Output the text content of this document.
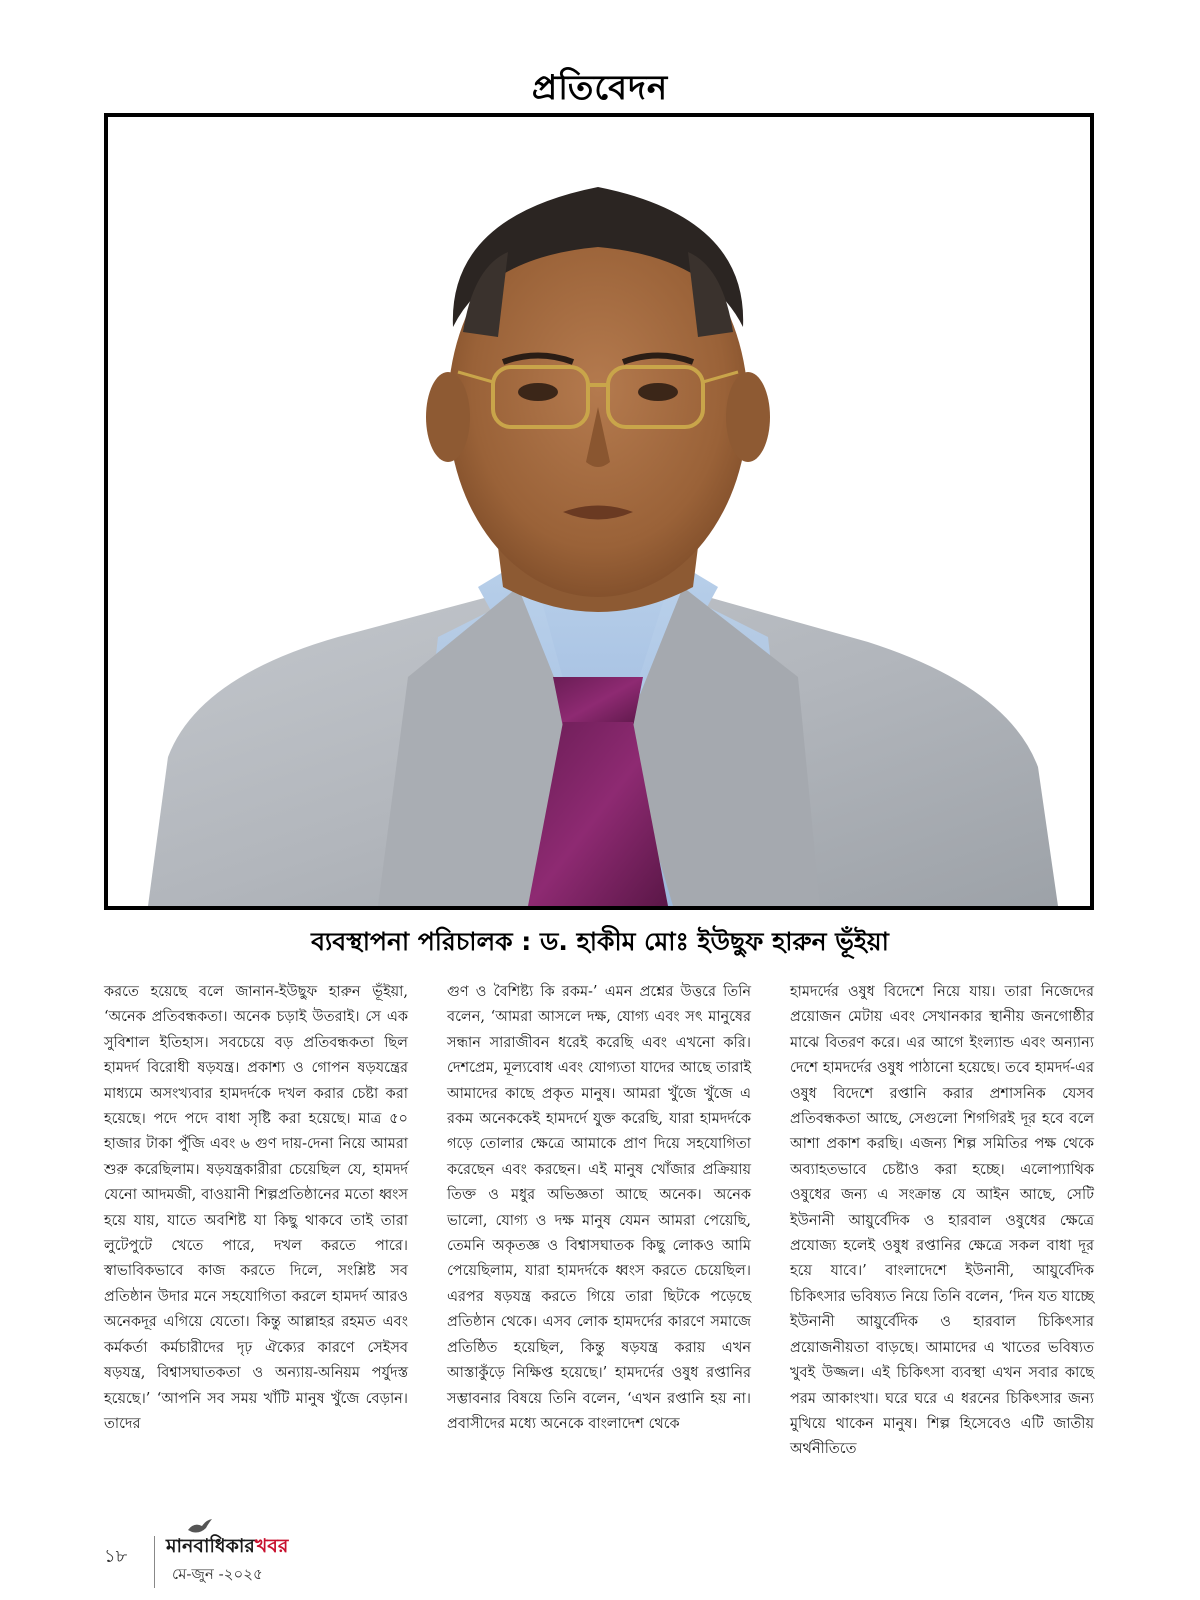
প্রতিবেদন
ব্যবস্থাপনা পরিচালক : ড. হাকীম মোঃ ইউছুফ হারুন ভূঁইয়া
করতে হয়েছে বলে জানান-ইউছুফ হারুন ভূঁইয়া, ‘অনেক প্রতিবন্ধকতা। অনেক চড়াই উতরাই। সে এক সুবিশাল ইতিহাস। সবচেয়ে বড় প্রতিবন্ধকতা ছিল হামদর্দ বিরোধী ষড়যন্ত্র। প্রকাশ্য ও গোপন ষড়যন্ত্রের মাধ্যমে অসংখ্যবার হামদর্দকে দখল করার চেষ্টা করা হয়েছে। পদে পদে বাধা সৃষ্টি করা হয়েছে। মাত্র ৫০ হাজার টাকা পুঁজি এবং ৬ গুণ দায়-দেনা নিয়ে আমরা শুরু করেছিলাম। ষড়যন্ত্রকারীরা চেয়েছিল যে, হামদর্দ যেনো আদমজী, বাওয়ানী শিল্পপ্রতিষ্ঠানের মতো ধ্বংস হয়ে যায়, যাতে অবশিষ্ট যা কিছু থাকবে তাই তারা লুটেপুটে খেতে পারে, দখল করতে পারে। স্বাভাবিকভাবে কাজ করতে দিলে, সংশ্লিষ্ট সব প্রতিষ্ঠান উদার মনে সহযোগিতা করলে হামদর্দ আরও অনেকদূর এগিয়ে যেতো। কিন্তু আল্লাহর রহমত এবং কর্মকর্তা কর্মচারীদের দৃঢ় ঐক্যের কারণে সেইসব ষড়যন্ত্র, বিশ্বাসঘাতকতা ও অন্যায়-অনিয়ম পর্যুদস্ত হয়েছে।’ ‘আপনি সব সময় খাঁটি মানুষ খুঁজে বেড়ান। তাদের
গুণ ও বৈশিষ্ট্য কি রকম-’ এমন প্রশ্নের উত্তরে তিনি বলেন, ‘আমরা আসলে দক্ষ, যোগ্য এবং সৎ মানুষের সন্ধান সারাজীবন ধরেই করেছি এবং এখনো করি। দেশপ্রেম, মূল্যবোধ এবং যোগ্যতা যাদের আছে তারাই আমাদের কাছে প্রকৃত মানুষ। আমরা খুঁজে খুঁজে এ রকম অনেককেই হামদর্দে যুক্ত করেছি, যারা হামদর্দকে গড়ে তোলার ক্ষেত্রে আমাকে প্রাণ দিয়ে সহযোগিতা করেছেন এবং করছেন। এই মানুষ খোঁজার প্রক্রিয়ায় তিক্ত ও মধুর অভিজ্ঞতা আছে অনেক। অনেক ভালো, যোগ্য ও দক্ষ মানুষ যেমন আমরা পেয়েছি, তেমনি অকৃতজ্ঞ ও বিশ্বাসঘাতক কিছু লোকও আমি পেয়েছিলাম, যারা হামদর্দকে ধ্বংস করতে চেয়েছিল। এরপর ষড়যন্ত্র করতে গিয়ে তারা ছিটকে পড়েছে প্রতিষ্ঠান থেকে। এসব লোক হামদর্দের কারণে সমাজে প্রতিষ্ঠিত হয়েছিল, কিন্তু ষড়যন্ত্র করায় এখন আস্তাকুঁড়ে নিক্ষিপ্ত হয়েছে।’ হামদর্দের ওষুধ রপ্তানির সম্ভাবনার বিষয়ে তিনি বলেন, ‘এখন রপ্তানি হয় না। প্রবাসীদের মধ্যে অনেকে বাংলাদেশ থেকে
হামদর্দের ওষুধ বিদেশে নিয়ে যায়। তারা নিজেদের প্রয়োজন মেটায় এবং সেখানকার স্থানীয় জনগোষ্ঠীর মাঝে বিতরণ করে। এর আগে ইংল্যান্ড এবং অন্যান্য দেশে হামদর্দের ওষুধ পাঠানো হয়েছে। তবে হামদর্দ-এর ওষুধ বিদেশে রপ্তানি করার প্রশাসনিক যেসব প্রতিবন্ধকতা আছে, সেগুলো শিগগিরই দূর হবে বলে আশা প্রকাশ করছি। এজন্য শিল্প সমিতির পক্ষ থেকে অব্যাহতভাবে চেষ্টাও করা হচ্ছে। এলোপ্যাথিক ওষুধের জন্য এ সংক্রান্ত যে আইন আছে, সেটি ইউনানী আয়ুর্বেদিক ও হারবাল ওষুধের ক্ষেত্রে প্রযোজ্য হলেই ওষুধ রপ্তানির ক্ষেত্রে সকল বাধা দূর হয়ে যাবে।’ বাংলাদেশে ইউনানী, আয়ুর্বেদিক চিকিৎসার ভবিষ্যত নিয়ে তিনি বলেন, ‘দিন যত যাচ্ছে ইউনানী আয়ুর্বেদিক ও হারবাল চিকিৎসার প্রয়োজনীয়তা বাড়ছে। আমাদের এ খাতের ভবিষ্যত খুবই উজ্জল। এই চিকিৎসা ব্যবস্থা এখন সবার কাছে পরম আকাংখা। ঘরে ঘরে এ ধরনের চিকিৎসার জন্য মুখিয়ে থাকেন মানুষ। শিল্প হিসেবেও এটি জাতীয় অর্থনীতিতে
১৮ মানবাধিকারখবর
মে-জুন -২০২৫
